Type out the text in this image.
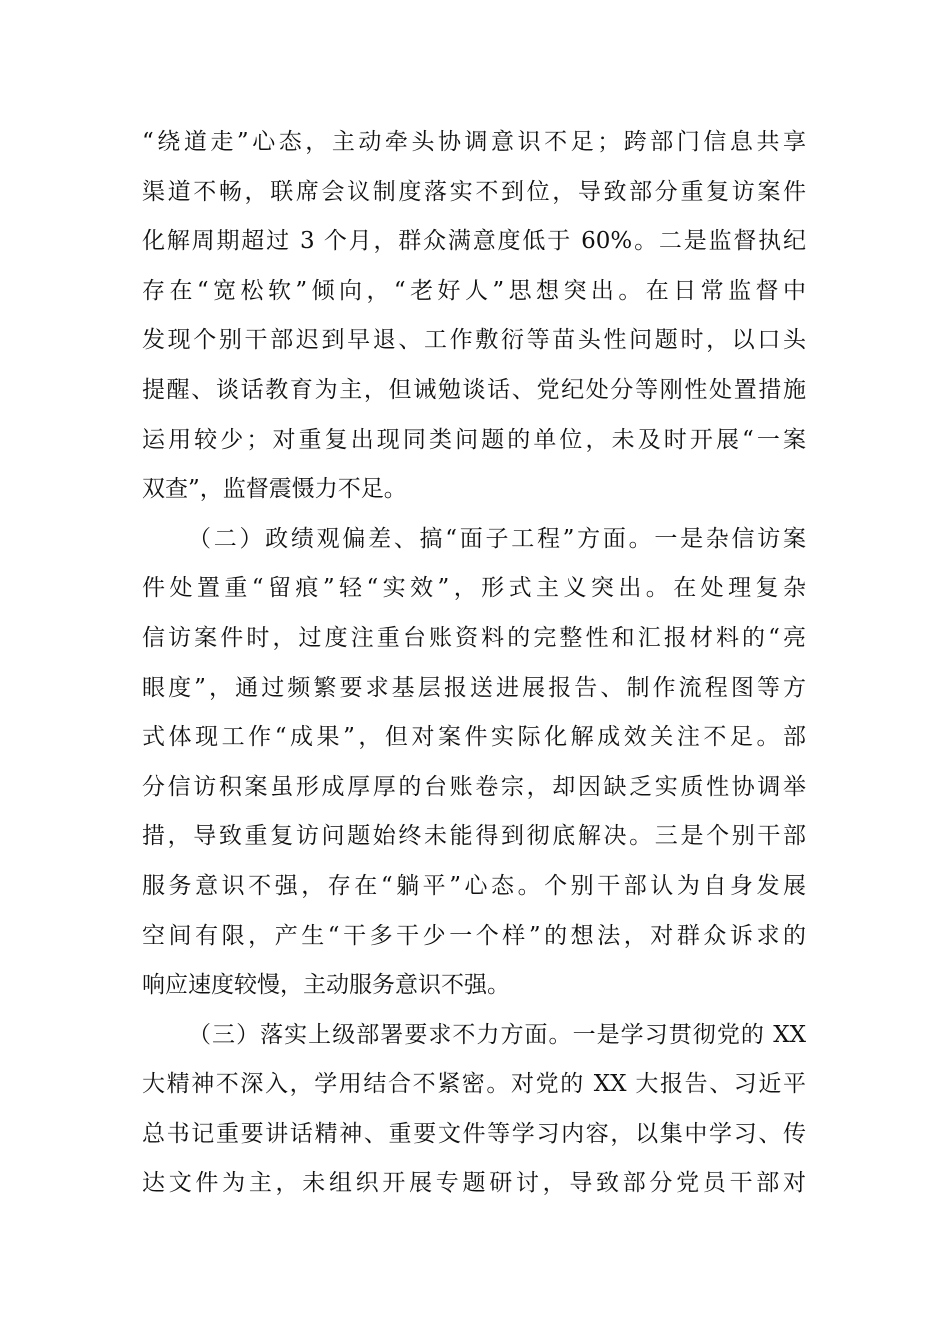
“绕道走”心态，主动牵头协调意识不足；跨部门信息共享
渠道不畅，联席会议制度落实不到位，导致部分重复访案件
化解周期超过 3 个月，群众满意度低于 60%。二是监督执纪
存在“宽松软”倾向，“老好人”思想突出。在日常监督中
发现个别干部迟到早退、工作敷衍等苗头性问题时，以口头
提醒、谈话教育为主，但诫勉谈话、党纪处分等刚性处置措施
运用较少；对重复出现同类问题的单位，未及时开展“一案
双查”，监督震慑力不足。
（二）政绩观偏差、搞“面子工程”方面。一是杂信访案
件处置重“留痕”轻“实效”，形式主义突出。在处理复杂
信访案件时，过度注重台账资料的完整性和汇报材料的“亮
眼度”，通过频繁要求基层报送进展报告、制作流程图等方
式体现工作“成果”，但对案件实际化解成效关注不足。部
分信访积案虽形成厚厚的台账卷宗，却因缺乏实质性协调举
措，导致重复访问题始终未能得到彻底解决。三是个别干部
服务意识不强，存在“躺平”心态。个别干部认为自身发展
空间有限，产生“干多干少一个样”的想法，对群众诉求的
响应速度较慢，主动服务意识不强。
（三）落实上级部署要求不力方面。一是学习贯彻党的 XX
大精神不深入，学用结合不紧密。对党的 XX 大报告、习近平
总书记重要讲话精神、重要文件等学习内容，以集中学习、传
达文件为主，未组织开展专题研讨，导致部分党员干部对
